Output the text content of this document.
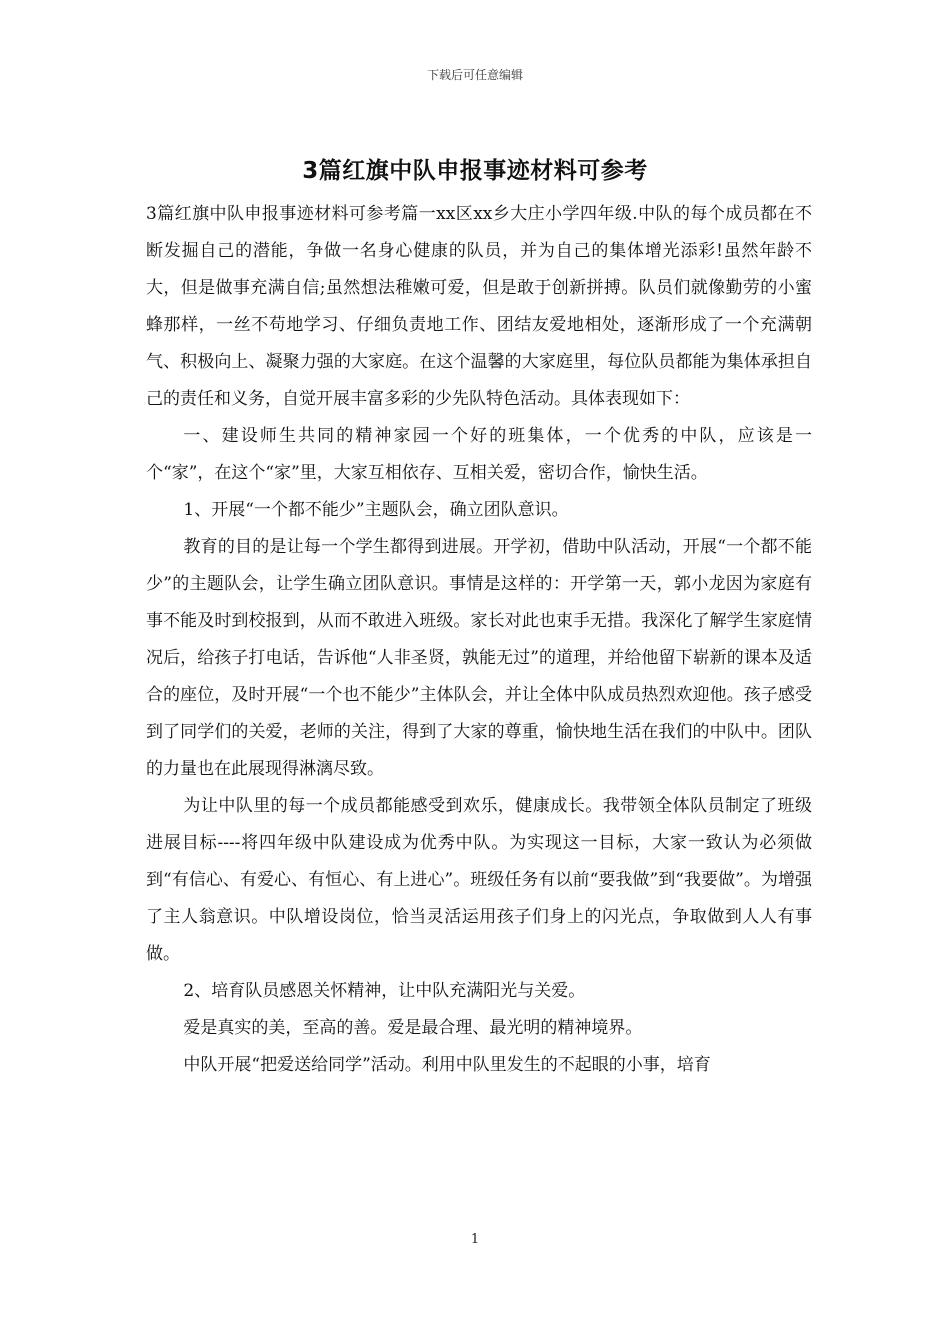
下载后可任意编辑
3篇红旗中队申报事迹材料可参考

3篇红旗中队申报事迹材料可参考篇一xx区xx乡大庄小学四年级.中队的每个成员都在不断发掘自己的潜能，争做一名身心健康的队员，并为自己的集体增光添彩!虽然年龄不大，但是做事充满自信;虽然想法稚嫩可爱，但是敢于创新拼搏。队员们就像勤劳的小蜜蜂那样，一丝不苟地学习、仔细负责地工作、团结友爱地相处，逐渐形成了一个充满朝气、积极向上、凝聚力强的大家庭。在这个温馨的大家庭里，每位队员都能为集体承担自己的责任和义务，自觉开展丰富多彩的少先队特色活动。具体表现如下：

一、建设师生共同的精神家园一个好的班集体，一个优秀的中队，应该是一个“家”，在这个“家”里，大家互相依存、互相关爱，密切合作，愉快生活。

1、开展“一个都不能少”主题队会，确立团队意识。

教育的目的是让每一个学生都得到进展。开学初，借助中队活动，开展“一个都不能少”的主题队会，让学生确立团队意识。事情是这样的：开学第一天，郭小龙因为家庭有事不能及时到校报到，从而不敢进入班级。家长对此也束手无措。我深化了解学生家庭情况后，给孩子打电话，告诉他“人非圣贤，孰能无过”的道理，并给他留下崭新的课本及适合的座位，及时开展“一个也不能少”主体队会，并让全体中队成员热烈欢迎他。孩子感受到了同学们的关爱，老师的关注，得到了大家的尊重，愉快地生活在我们的中队中。团队的力量也在此展现得淋漓尽致。

为让中队里的每一个成员都能感受到欢乐，健康成长。我带领全体队员制定了班级进展目标----将四年级中队建设成为优秀中队。为实现这一目标，大家一致认为必须做到“有信心、有爱心、有恒心、有上进心”。班级任务有以前“要我做”到“我要做”。为增强了主人翁意识。中队增设岗位，恰当灵活运用孩子们身上的闪光点，争取做到人人有事做。

2、培育队员感恩关怀精神，让中队充满阳光与关爱。

爱是真实的美，至高的善。爱是最合理、最光明的精神境界。

中队开展“把爱送给同学”活动。利用中队里发生的不起眼的小事，培育

1
